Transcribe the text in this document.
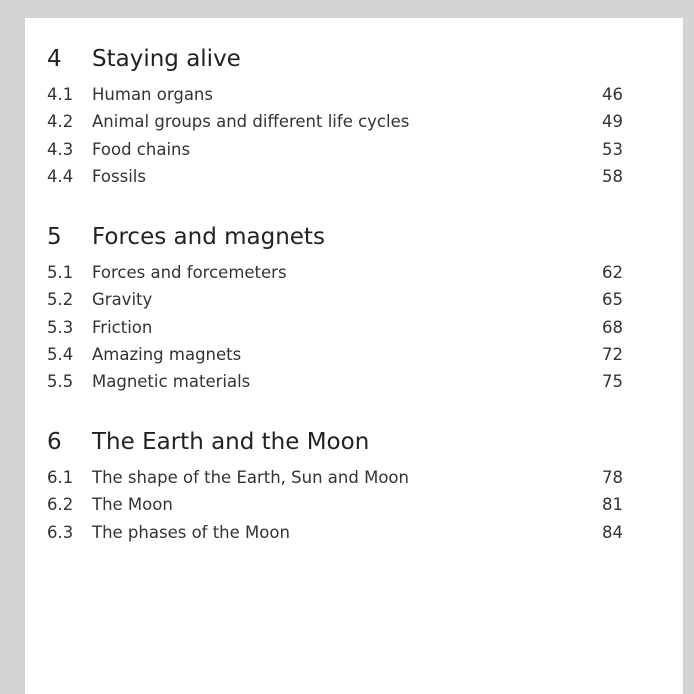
4 Staying alive
4.1 Human organs	46
4.2 Animal groups and different life cycles	49
4.3 Food chains	53
4.4 Fossils	58
5 Forces and magnets
5.1 Forces and forcemeters	62
5.2 Gravity	65
5.3 Friction	68
5.4 Amazing magnets	72
5.5 Magnetic materials	75
6 The Earth and the Moon
6.1 The shape of the Earth, Sun and Moon	78
6.2 The Moon	81
6.3 The phases of the Moon	84
